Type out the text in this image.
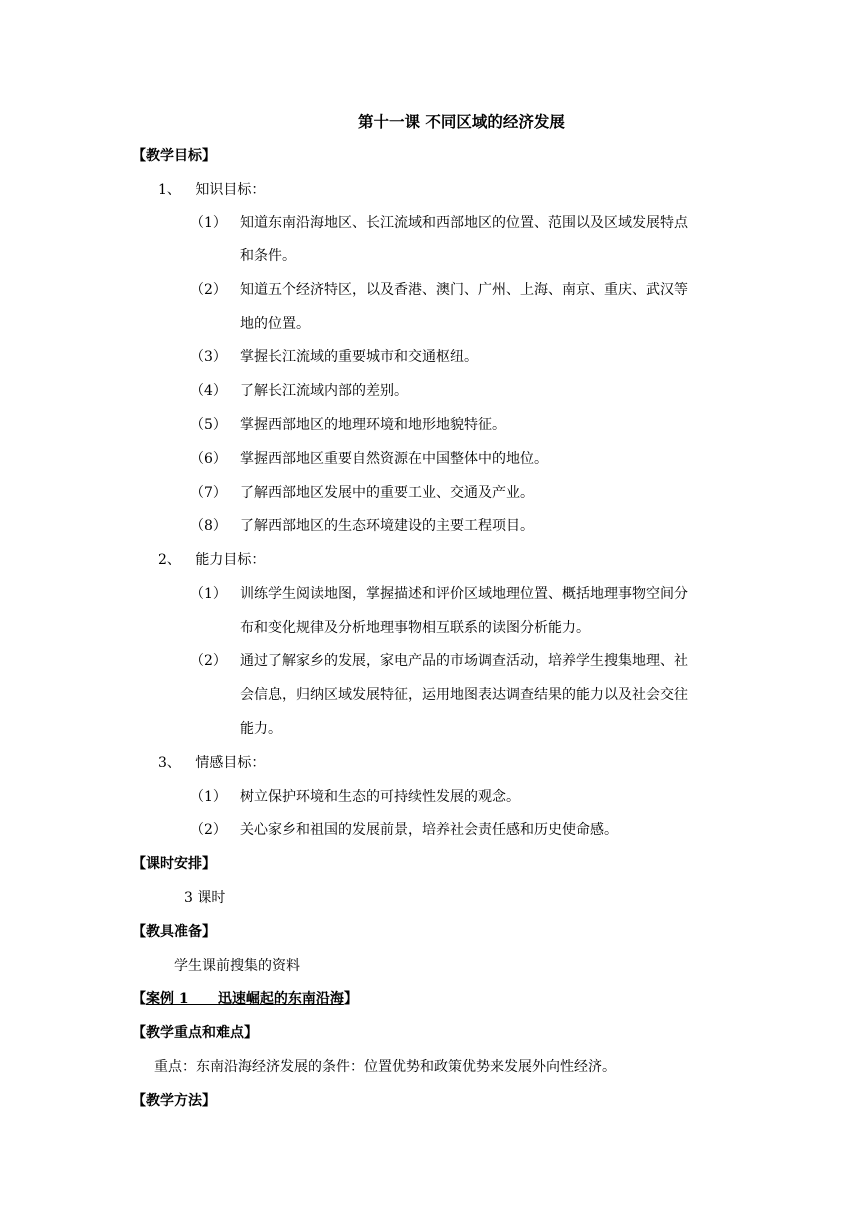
第十一课 不同区域的经济发展
【教学目标】
1、 知识目标：
（1） 知道东南沿海地区、长江流域和西部地区的位置、范围以及区域发展特点
和条件。
（2） 知道五个经济特区，以及香港、澳门、广州、上海、南京、重庆、武汉等
地的位置。
（3） 掌握长江流域的重要城市和交通枢纽。
（4） 了解长江流域内部的差别。
（5） 掌握西部地区的地理环境和地形地貌特征。
（6） 掌握西部地区重要自然资源在中国整体中的地位。
（7） 了解西部地区发展中的重要工业、交通及产业。
（8） 了解西部地区的生态环境建设的主要工程项目。
2、 能力目标：
（1） 训练学生阅读地图，掌握描述和评价区域地理位置、概括地理事物空间分
布和变化规律及分析地理事物相互联系的读图分析能力。
（2） 通过了解家乡的发展，家电产品的市场调查活动，培养学生搜集地理、社
会信息，归纳区域发展特征，运用地图表达调查结果的能力以及社会交往
能力。
3、 情感目标：
（1） 树立保护环境和生态的可持续性发展的观念。
（2） 关心家乡和祖国的发展前景，培养社会责任感和历史使命感。
【课时安排】
3 课时
【教具准备】
学生课前搜集的资料
【案例 1      迅速崛起的东南沿海】
【教学重点和难点】
重点：东南沿海经济发展的条件：位置优势和政策优势来发展外向性经济。
【教学方法】
